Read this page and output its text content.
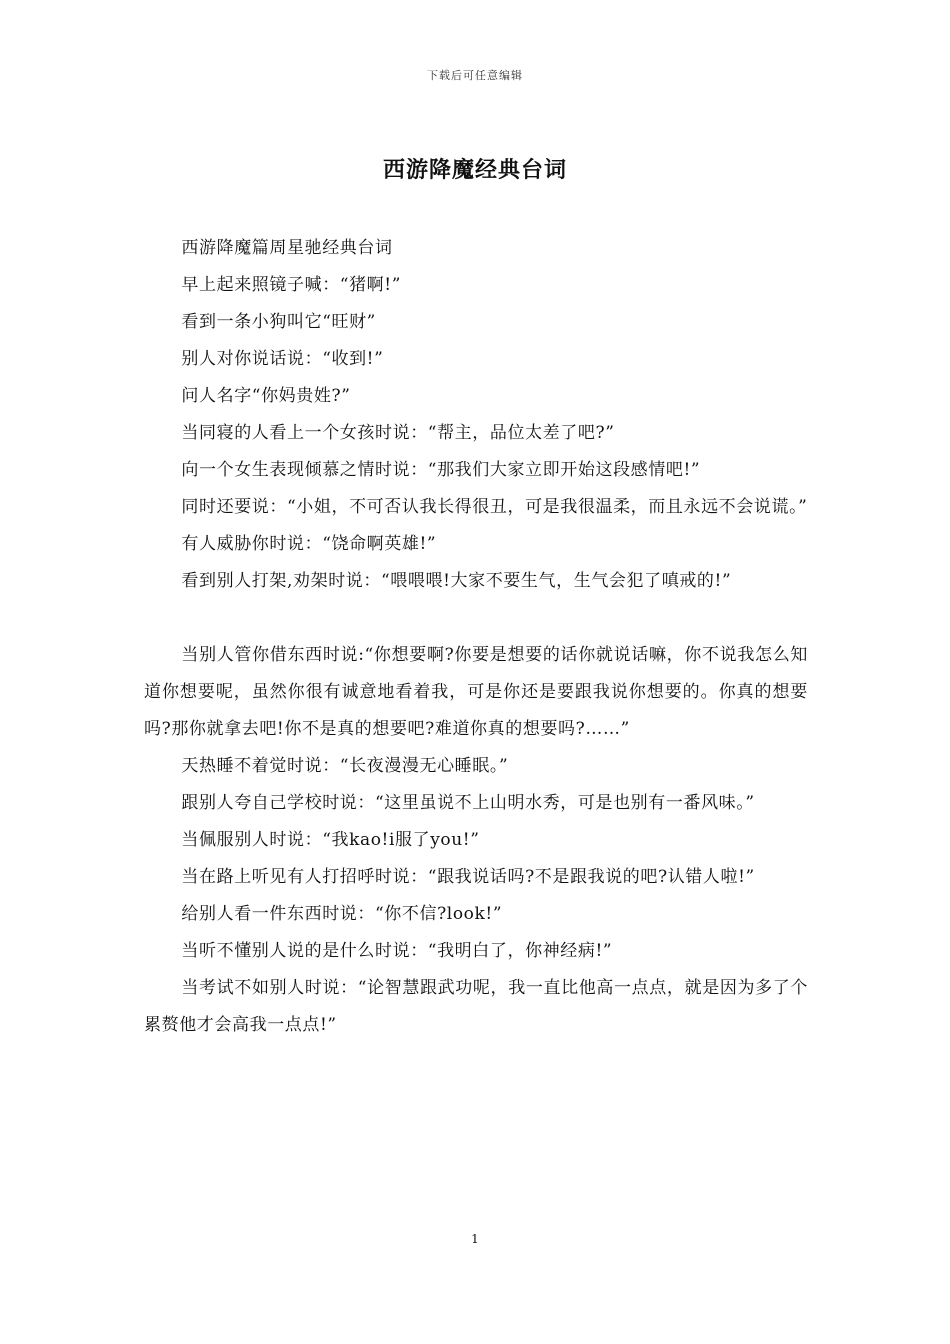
下载后可任意编辑
西游降魔经典台词

西游降魔篇周星驰经典台词

早上起来照镜子喊：“猪啊!”

看到一条小狗叫它“旺财”

别人对你说话说：“收到!”

问人名字“你妈贵姓?”

当同寝的人看上一个女孩时说：“帮主，品位太差了吧?”

向一个女生表现倾慕之情时说：“那我们大家立即开始这段感情吧!”

同时还要说：“小姐，不可否认我长得很丑，可是我很温柔，而且永远不会说谎。”

有人威胁你时说：“饶命啊英雄!”

看到别人打架,劝架时说：“喂喂喂!大家不要生气，生气会犯了嗔戒的!”

当别人管你借东西时说:“你想要啊?你要是想要的话你就说话嘛，你不说我怎么知道你想要呢，虽然你很有诚意地看着我，可是你还是要跟我说你想要的。你真的想要吗?那你就拿去吧!你不是真的想要吧?难道你真的想要吗?……”

天热睡不着觉时说：“长夜漫漫无心睡眠。”

跟别人夸自己学校时说：“这里虽说不上山明水秀，可是也别有一番风味。”

当佩服别人时说：“我kao!i服了you!”

当在路上听见有人打招呼时说：“跟我说话吗?不是跟我说的吧?认错人啦!”

给别人看一件东西时说：“你不信?look!”

当听不懂别人说的是什么时说：“我明白了，你神经病!”

当考试不如别人时说：“论智慧跟武功呢，我一直比他高一点点，就是因为多了个累赘他才会高我一点点!”

1
